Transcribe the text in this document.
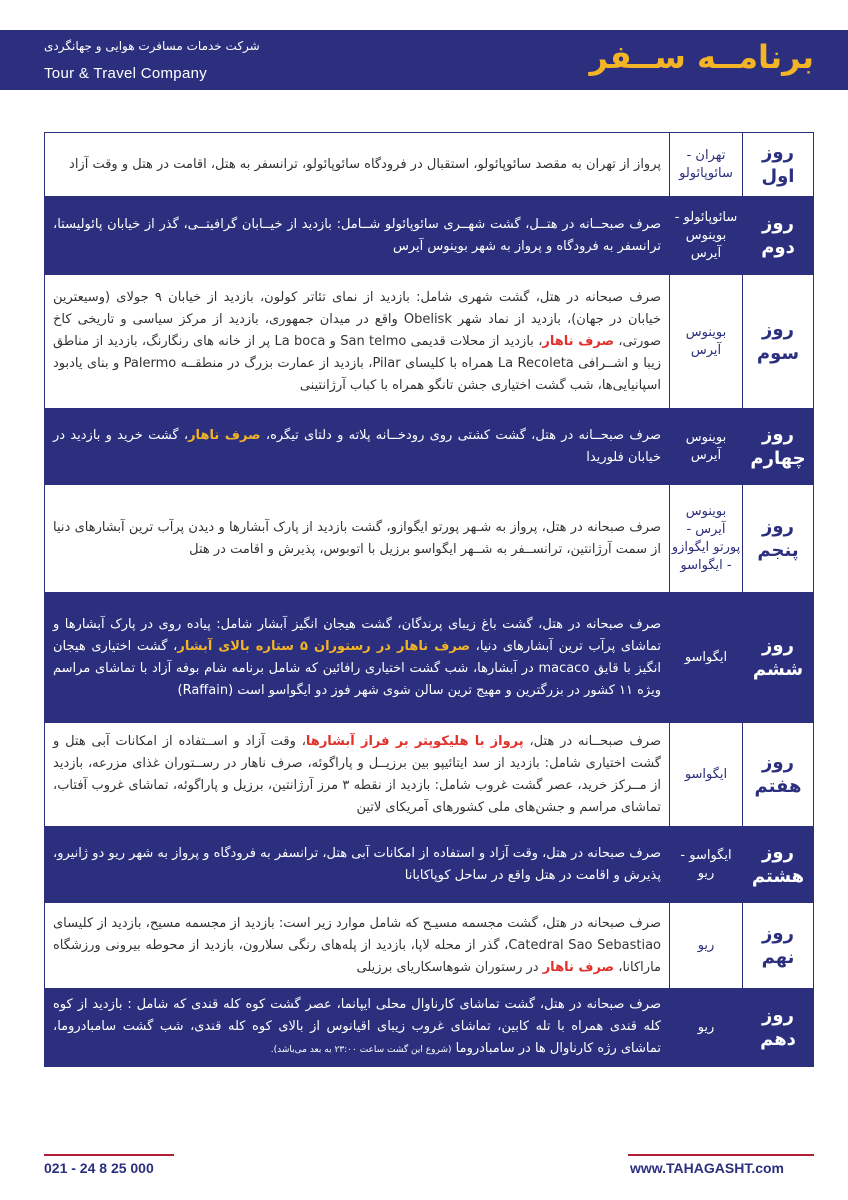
برنامــه ســفر
شرکت خدمات مسافرت هوایی و جهانگردی
Tour & Travel Company
روز اول	تهران - سائوپائولو	پرواز از تهران به مقصد سائوپائولو، استقبال در فرودگاه سائوپائولو، ترانسفر به هتل، اقامت در هتل و وقت آزاد
روز دوم	سائوپائولو - بوینوس آیرس	صرف صبحــانه در هتــل، گشت شهــری سائوپائولو شــامل: بازدید از خیــابان گرافیتــی، گذر از خیابان پائولیستا، ترانسفر به فرودگاه و پرواز به شهر بوینوس آیرس
روز سوم	بوینوس آیرس	صرف صبحانه در هتل، گشت شهری شامل: بازدید از نمای تئاتر کولون، بازدید از خیابان ۹ جولای (وسیعترین خیابان در جهان)، بازدید از نماد شهر Obelisk واقع در میدان جمهوری، بازدید از مرکز سیاسی و تاریخی کاخ صورتی، صرف ناهار، بازدید از محلات قدیمی San telmo و La boca پر از خانه های رنگارنگ، بازدید از مناطق زیبا و اشــرافی La Recoleta همراه با کلیسای Pilar، بازدید از عمارت بزرگ در منطقــه Palermo و بنای یادبود اسپانیایی‌ها، شب گشت اختیاری جشن تانگو همراه با کباب آرژانتینی
روز چهارم	بوینوس آیرس	صرف صبحــانه در هتل، گشت کشتی روی رودخــانه پلاته و دلتای تیگره، صرف ناهار، گشت خرید و بازدید در خیابان فلوریدا
روز پنجم	بوینوس آیرس - پورتو ایگوازو - ایگواسو	صرف صبحانه در هتل، پرواز به شـهر پورتو ایگوازو، گشت بازدید از پارک آبشارها و دیدن پرآب ترین آبشارهای دنیا از سمت آرژانتین، ترانســفر به شــهر ایگواسو برزیل با اتوبوس، پذیرش و اقامت در هتل
روز ششم	ایگواسو	صرف صبحانه در هتل، گشت باغ زیبای پرندگان، گشت هیجان انگیز آبشار شامل: پیاده روی در پارک آبشارها و تماشای پرآب ترین آبشارهای دنیا، صرف ناهار در رستوران ۵ ستاره بالای آبشار، گشت اختیاری هیجان انگیز با قایق macaco در آبشارها، شب گشت اختیاری رافائین که شامل برنامه شام بوفه آزاد با تماشای مراسم ویژه ۱۱ کشور در بزرگترین و مهیج ترین سالن شوی شهر فوز دو ایگواسو است (Raffain)
روز هفتم	ایگواسو	صرف صبحــانه در هتل، پرواز با هلیکوپتر بر فراز آبشارها، وقت آزاد و اســتفاده از امکانات آبی هتل و گشت اختیاری شامل: بازدید از سد ایتائیپو بین برزیــل و پاراگوئه، صرف ناهار در رســتوران غذای مزرعه، بازدید از مــرکز خرید، عصر گشت غروب شامل: بازدید از نقطه ۳ مرز آرژانتین، برزیل و پاراگوئه، تماشای غروب آفتاب، تماشای مراسم و جشن‌های ملی کشورهای آمریکای لاتین
روز هشتم	ایگواسو - ریو	صرف صبحانه در هتل، وقت آزاد و استفاده از امکانات آبی هتل، ترانسفر به فرودگاه و پرواز به شهر ریو دو ژانیرو، پذیرش و اقامت در هتل واقع در ساحل کوپاکابانا
روز نهم	ریو	صرف صبحانه در هتل، گشت مجسمه مسیـح که شامل موارد زیر است: بازدید از مجسمه مسیح، بازدید از کلیسای Catedral Sao Sebastiao، گذر از محله لاپا، بازدید از پله‌های رنگی سلارون، بازدید از محوطه بیرونی ورزشگاه ماراکانا، صرف ناهار در رستوران شوهاسکاریای برزیلی
روز دهم	ریو	صرف صبحانه در هتل، گشت تماشای کارناوال محلی ایپانما، عصر گشت کوه کله قندی که شامل : بازدید از کوه کله قندی همراه با تله کابین، تماشای غروب زیبای اقیانوس از بالای کوه کله قندی، شب گشت سامبادروما، تماشای رژه کارناوال ها در سامبادروما (شروع این گشت ساعت ۲۳:۰۰ به بعد می‌باشد).
021 - 24 8 25 000	www.TAHAGASHT.com
